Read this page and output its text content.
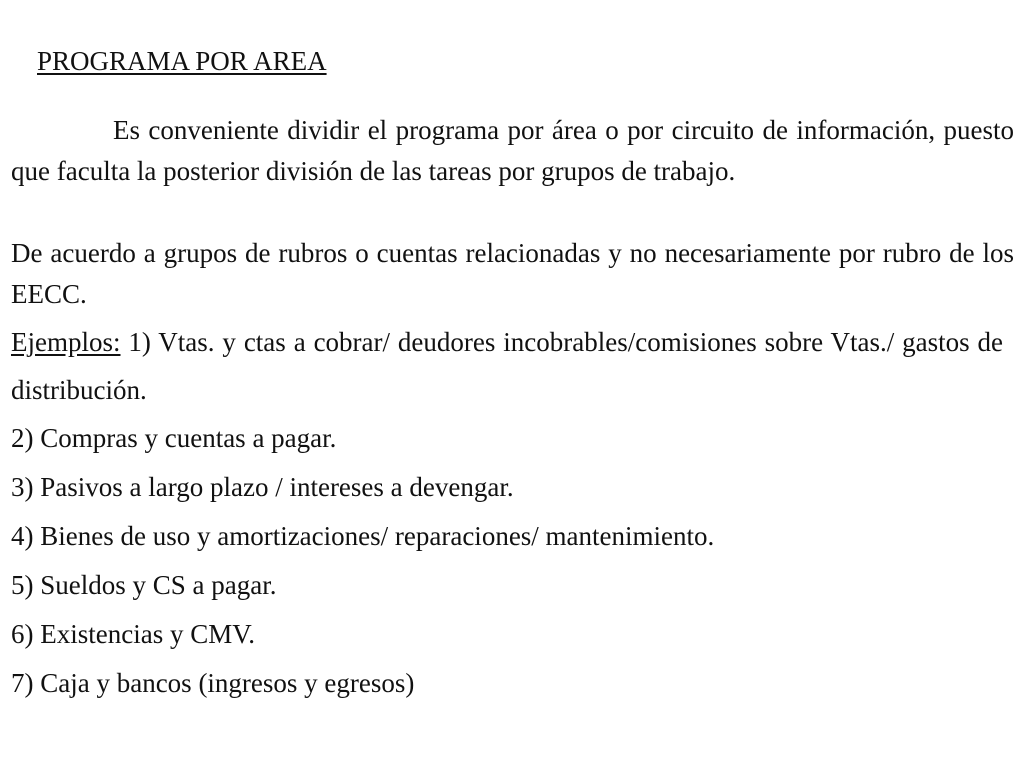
PROGRAMA POR AREA

Es conveniente dividir el programa por área o por circuito de información, puesto que faculta la posterior división de las tareas por grupos de trabajo.

De acuerdo a grupos de rubros o cuentas relacionadas y no necesariamente por rubro de los EECC.

Ejemplos: 1) Vtas. y ctas a cobrar/ deudores incobrables/comisiones sobre Vtas./ gastos de distribución.

2) Compras y cuentas a pagar.
3) Pasivos a largo plazo / intereses a devengar.
4) Bienes de uso y amortizaciones/ reparaciones/ mantenimiento.
5) Sueldos y CS a pagar.
6) Existencias y CMV.
7) Caja y bancos (ingresos y egresos)
